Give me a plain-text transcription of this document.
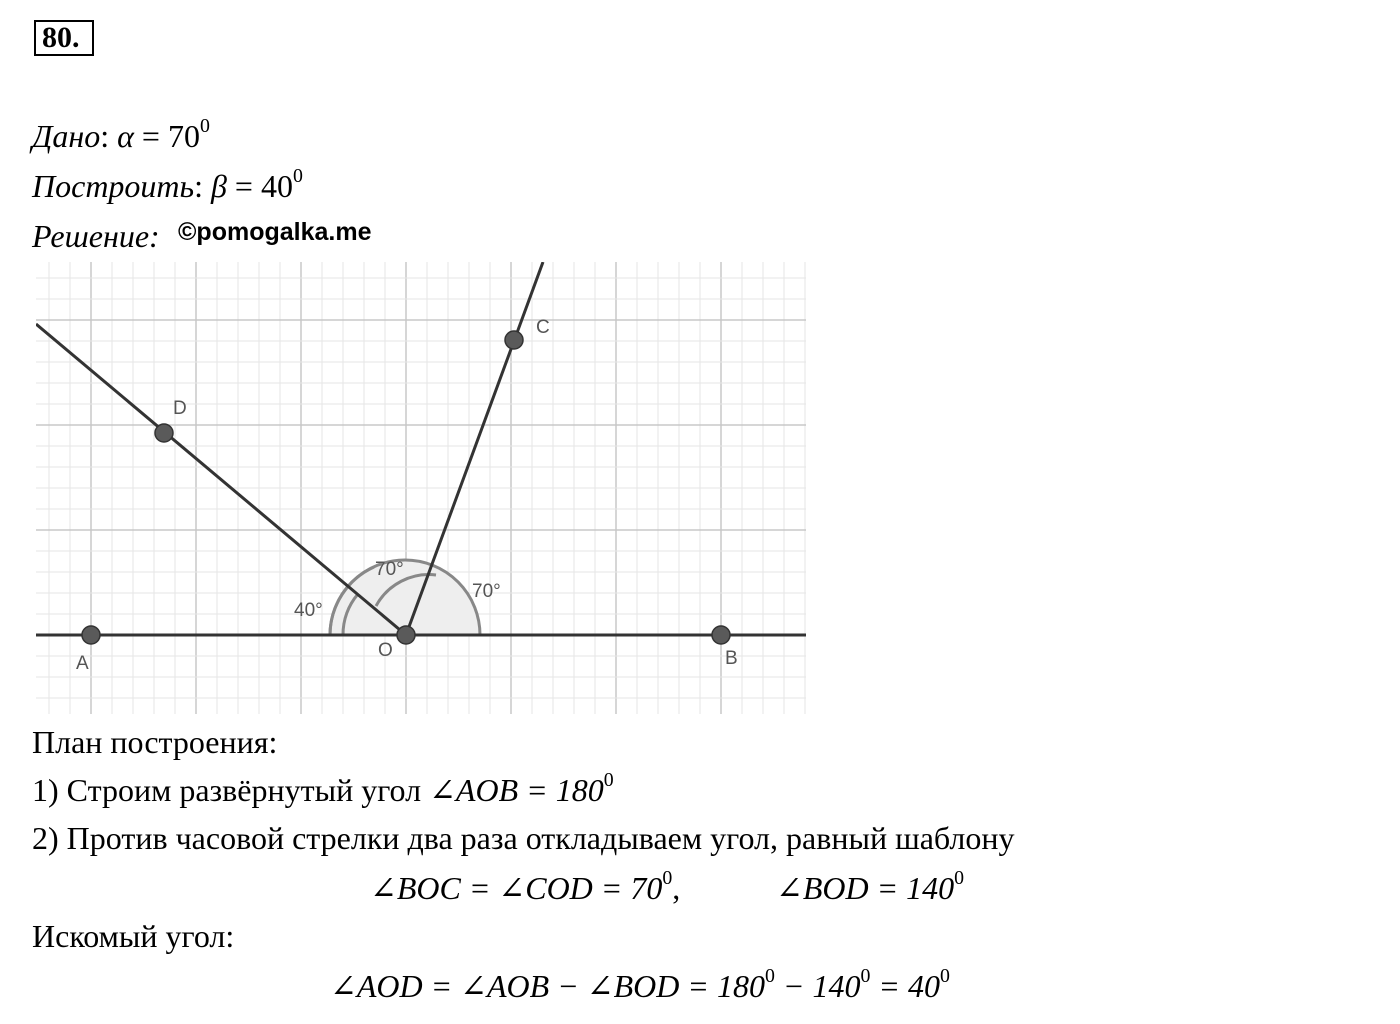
80.
Дано: $\alpha = 70^0$
Построить: $\beta = 40^0$
Решение: ©pomogalka.me
A	B
O
C
D
70°
70°
40°
План построения:
1) Строим развёрнутый угол ∠AOB = $180^0$
2) Против часовой стрелки два раза откладываем угол, равный шаблону
∠BOC = ∠COD = $70^0$,	∠BOD = $140^0$
Искомый угол:
∠AOD = ∠AOB − ∠BOD = $180^0 - 140^0 = 40^0$
